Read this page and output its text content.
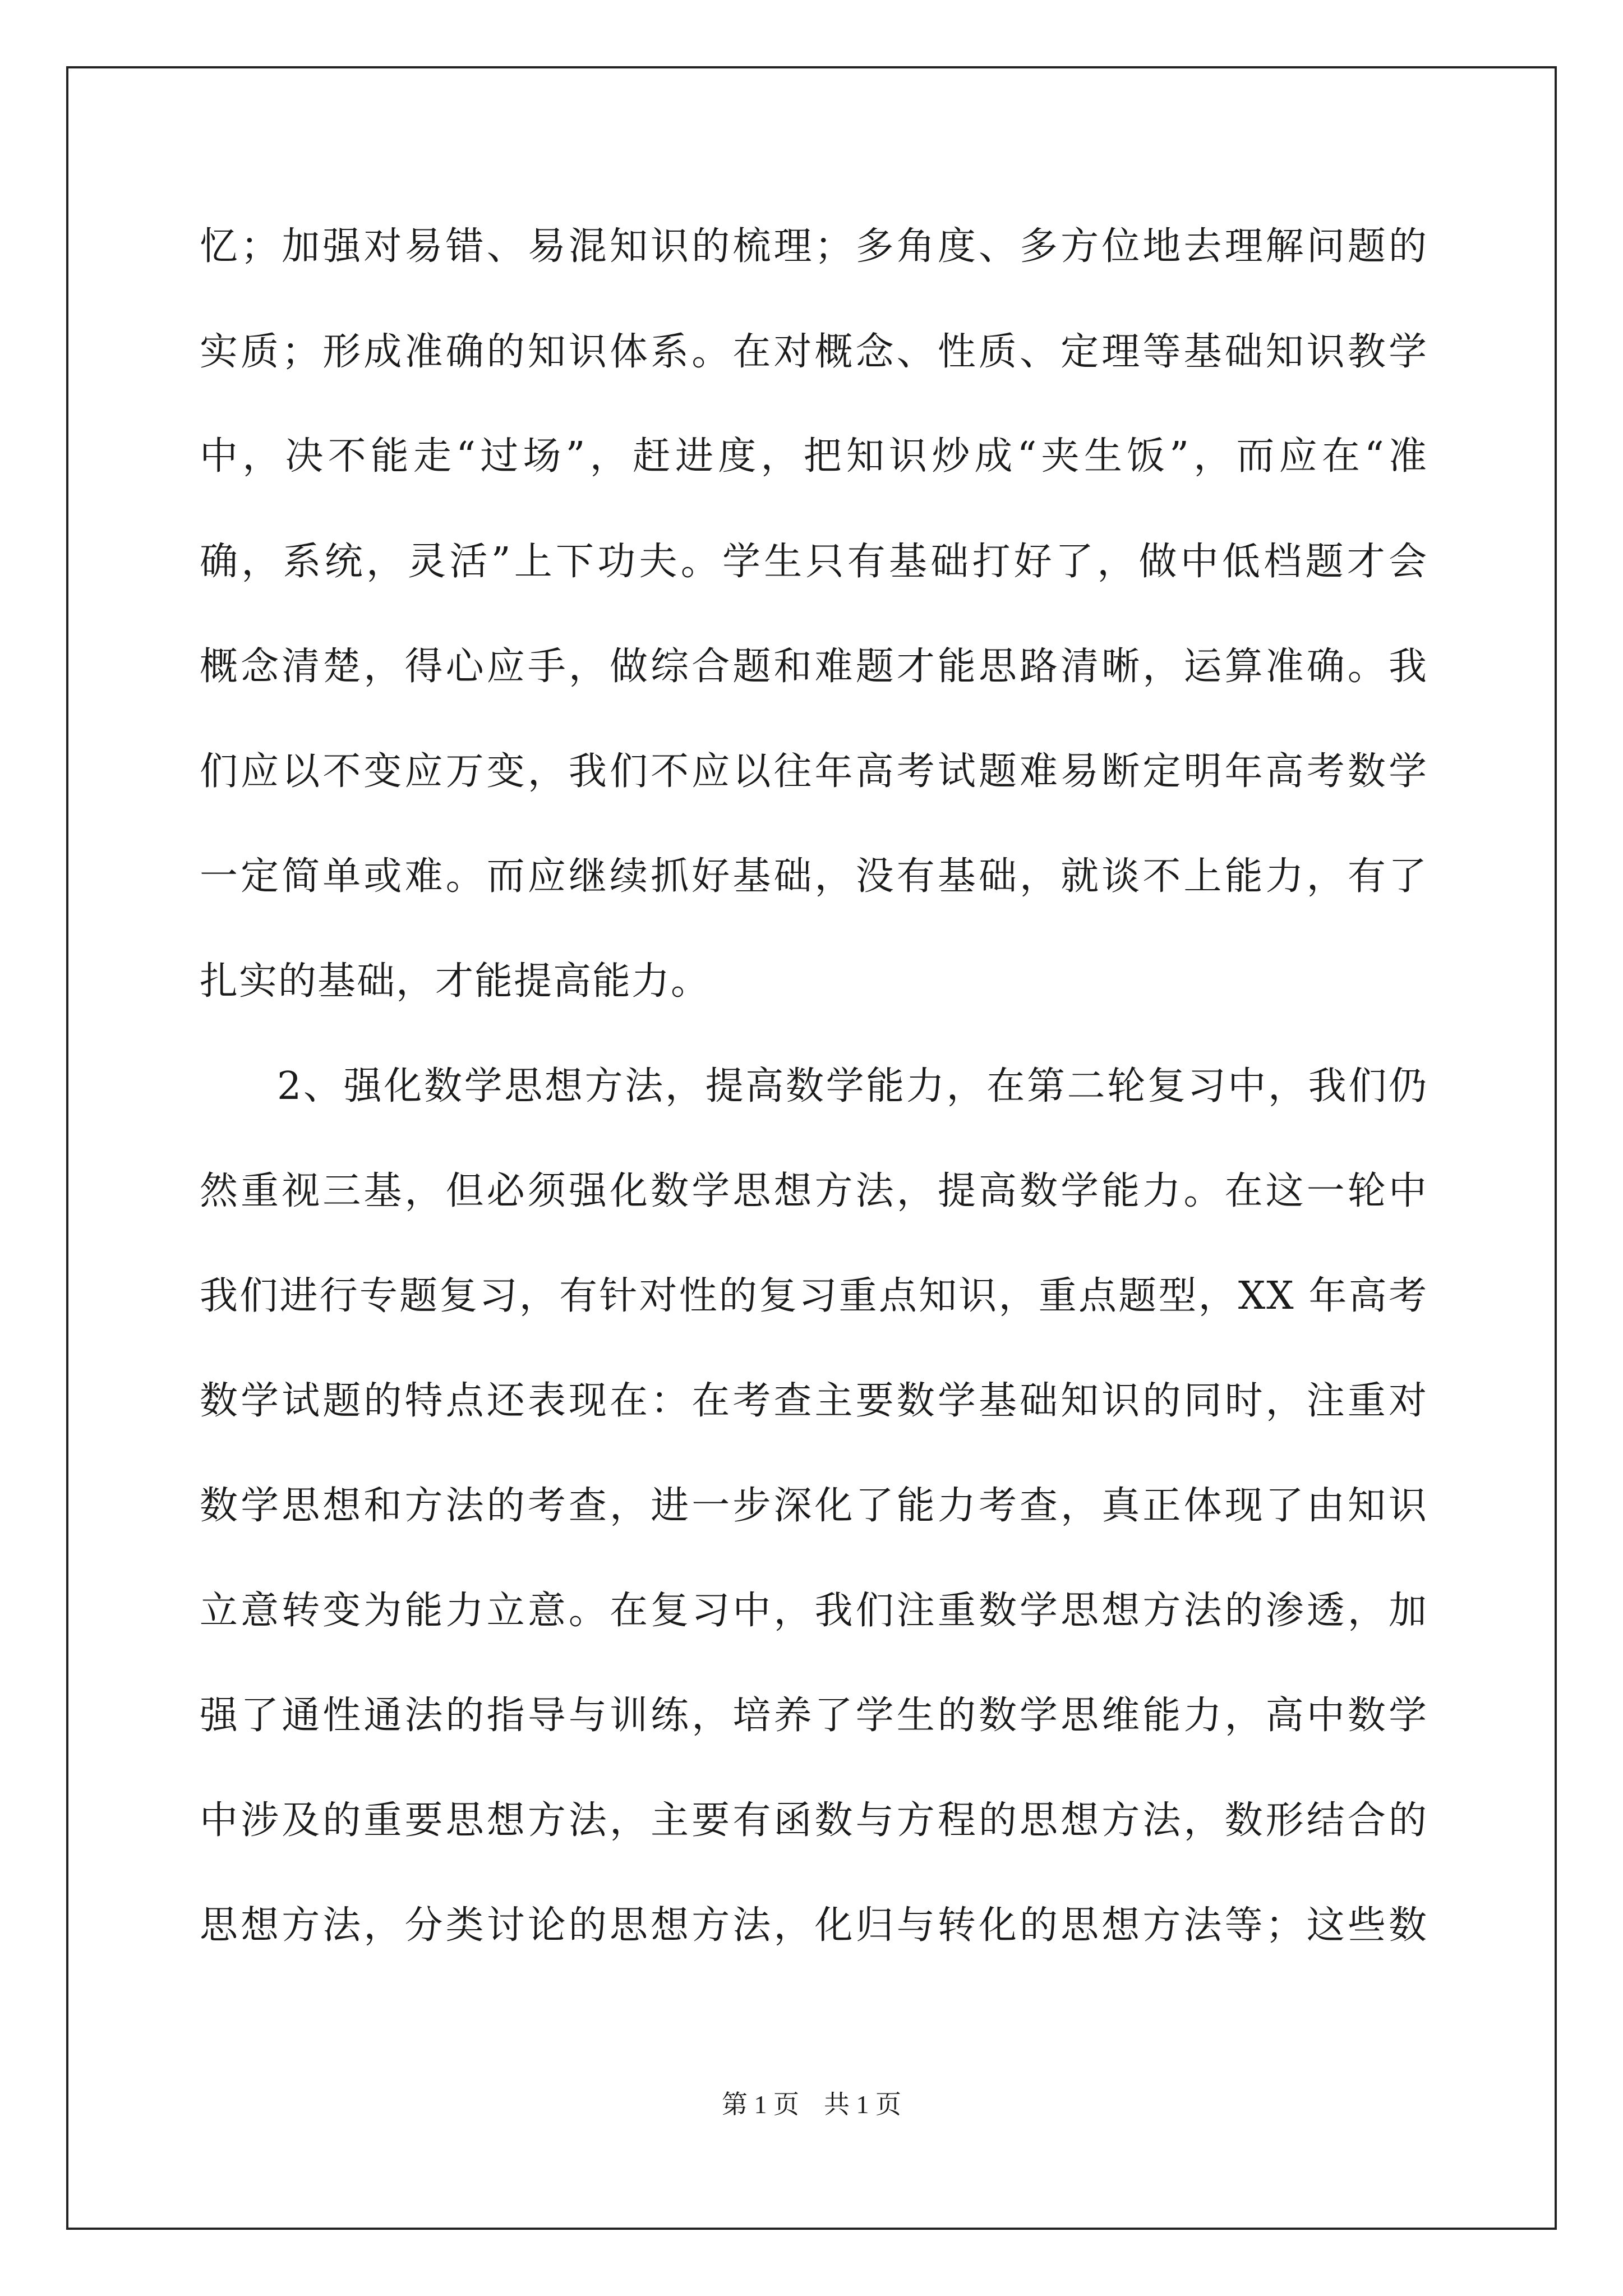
忆；加强对易错、易混知识的梳理；多角度、多方位地去理解问题的
实质；形成准确的知识体系。在对概念、性质、定理等基础知识教学
中，决不能走“过场”，赶进度，把知识炒成“夹生饭”，而应在“准
确，系统，灵活”上下功夫。学生只有基础打好了，做中低档题才会
概念清楚，得心应手，做综合题和难题才能思路清晰，运算准确。我
们应以不变应万变，我们不应以往年高考试题难易断定明年高考数学
一定简单或难。而应继续抓好基础，没有基础，就谈不上能力，有了
扎实的基础，才能提高能力。
2、强化数学思想方法，提高数学能力，在第二轮复习中，我们仍
然重视三基，但必须强化数学思想方法，提高数学能力。在这一轮中
我们进行专题复习，有针对性的复习重点知识，重点题型，XX 年高考
数学试题的特点还表现在：在考查主要数学基础知识的同时，注重对
数学思想和方法的考查，进一步深化了能力考查，真正体现了由知识
立意转变为能力立意。在复习中，我们注重数学思想方法的渗透，加
强了通性通法的指导与训练，培养了学生的数学思维能力，高中数学
中涉及的重要思想方法，主要有函数与方程的思想方法，数形结合的
思想方法，分类讨论的思想方法，化归与转化的思想方法等；这些数
第 1 页 共 1 页
